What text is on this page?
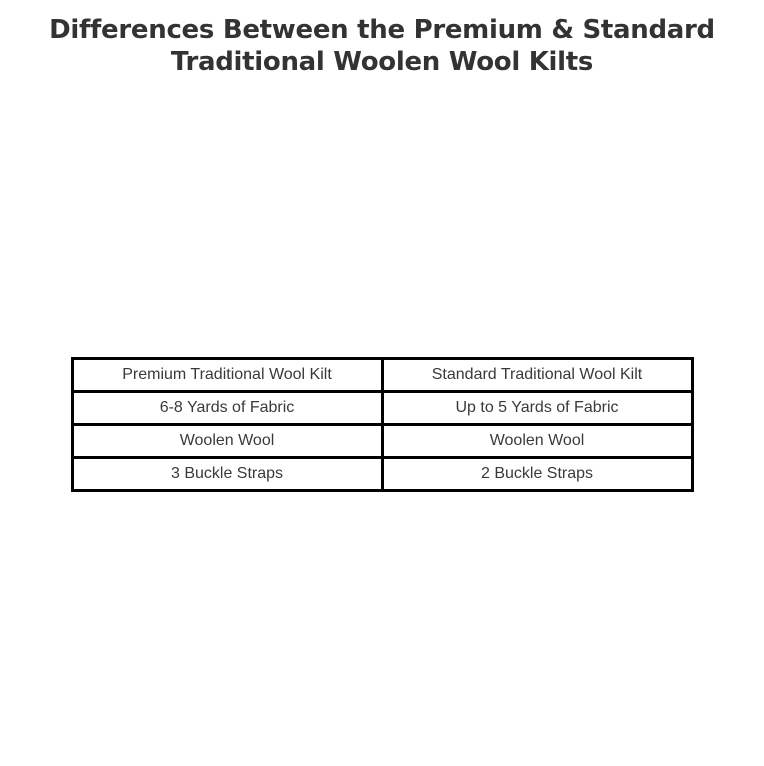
Differences Between the Premium & Standard Traditional Woolen Wool Kilts
Premium Traditional Wool Kilt	Standard Traditional Wool Kilt
6-8 Yards of Fabric	Up to 5 Yards of Fabric
Woolen Wool	Woolen Wool
3 Buckle Straps	2 Buckle Straps
